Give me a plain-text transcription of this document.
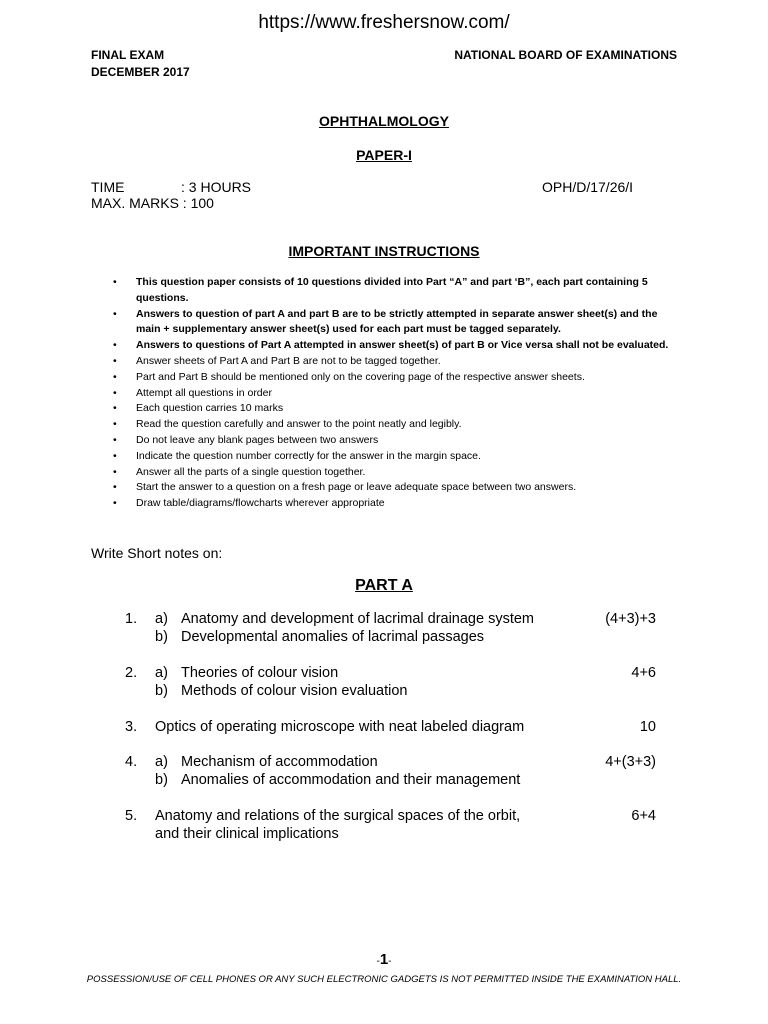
https://www.freshersnow.com/
FINAL EXAM
DECEMBER 2017
NATIONAL BOARD OF EXAMINATIONS
OPHTHALMOLOGY
PAPER-I
TIME	: 3 HOURS
MAX. MARKS : 100
OPH/D/17/26/I
IMPORTANT INSTRUCTIONS
• This question paper consists of 10 questions divided into Part “A” and part ‘B”, each part containing 5 questions.
• Answers to question of part A and part B are to be strictly attempted in separate answer sheet(s) and the main + supplementary answer sheet(s) used for each part must be tagged separately.
• Answers to questions of Part A attempted in answer sheet(s) of part B or Vice versa shall not be evaluated.
• Answer sheets of Part A and Part B are not to be tagged together.
• Part and Part B should be mentioned only on the covering page of the respective answer sheets.
• Attempt all questions in order
• Each question carries 10 marks
• Read the question carefully and answer to the point neatly and legibly.
• Do not leave any blank pages between two answers
• Indicate the question number correctly for the answer in the margin space.
• Answer all the parts of a single question together.
• Start the answer to a question on a fresh page or leave adequate space between two answers.
• Draw table/diagrams/flowcharts wherever appropriate
Write Short notes on:
PART A
1. a) Anatomy and development of lacrimal drainage system
b) Developmental anomalies of lacrimal passages
(4+3)+3
2. a) Theories of colour vision
b) Methods of colour vision evaluation
4+6
3. Optics of operating microscope with neat labeled diagram	10
4. a) Mechanism of accommodation
b) Anomalies of accommodation and their management
4+(3+3)
5. Anatomy and relations of the surgical spaces of the orbit,
and their clinical implications
6+4
-1-
POSSESSION/USE OF CELL PHONES OR ANY SUCH ELECTRONIC GADGETS IS NOT PERMITTED INSIDE THE EXAMINATION HALL.
